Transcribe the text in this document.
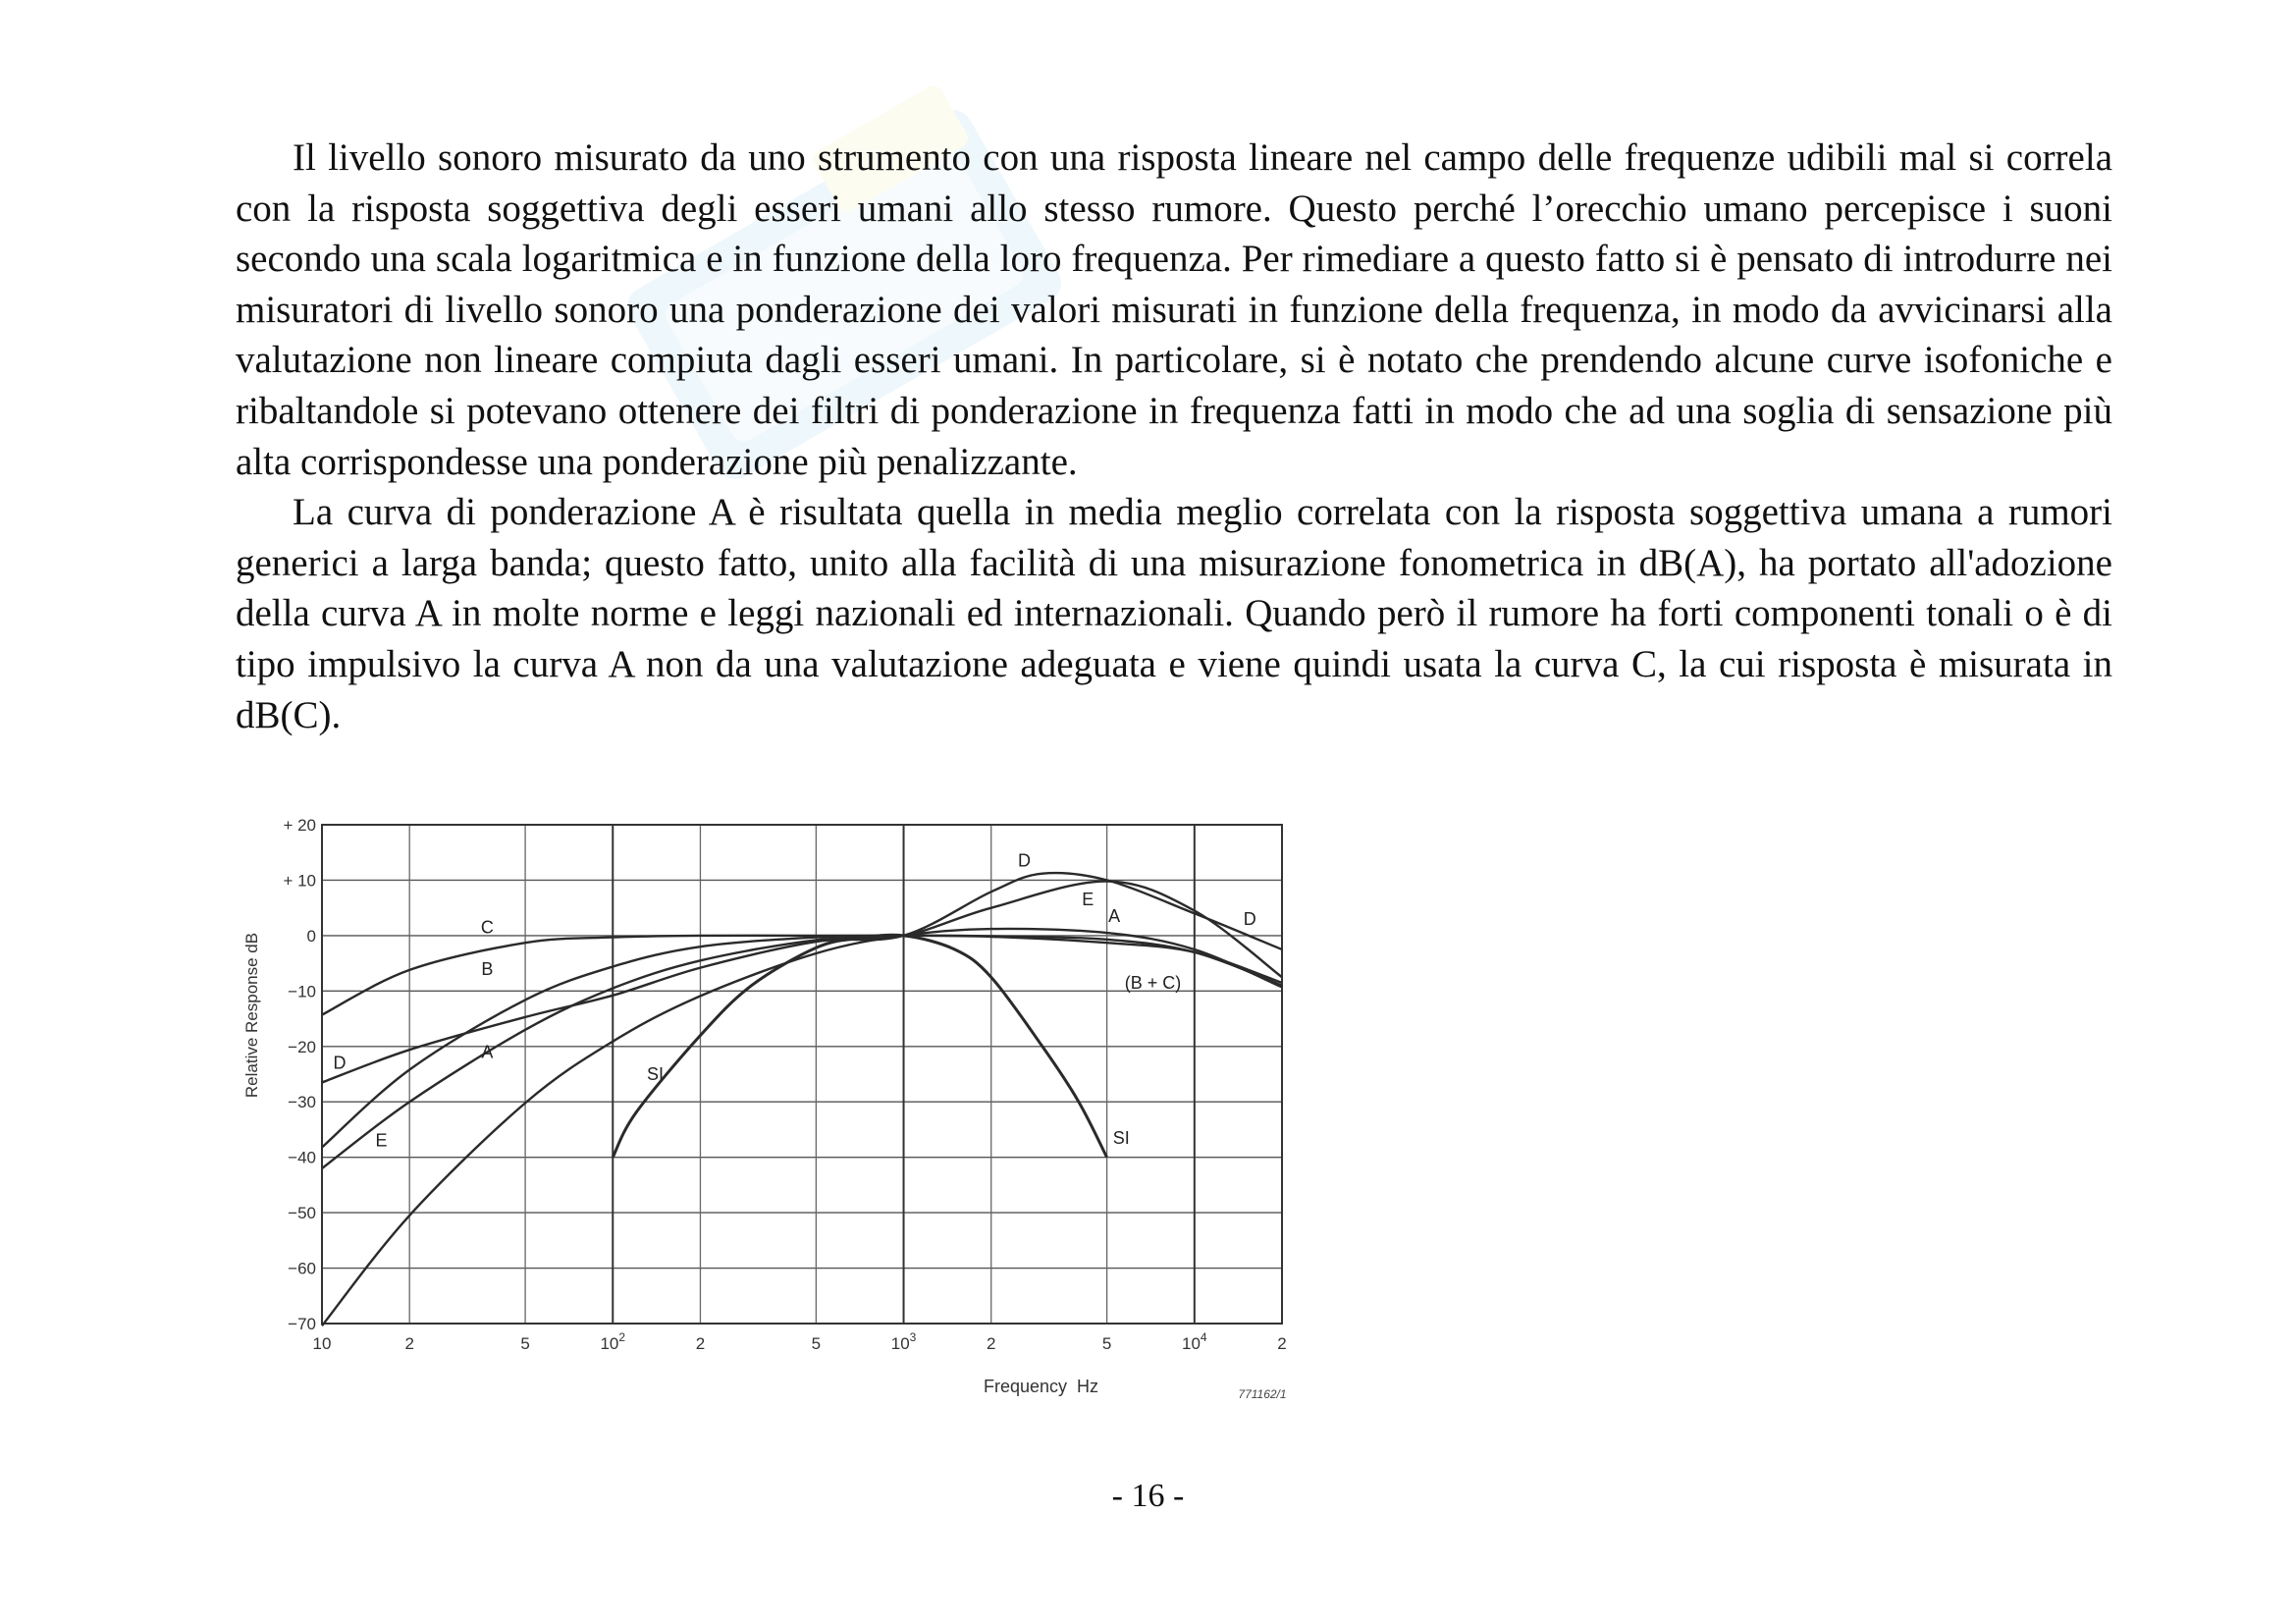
Il livello sonoro misurato da uno strumento con una risposta lineare nel campo delle frequenze udibili mal si correla con la risposta soggettiva degli esseri umani allo stesso rumore. Questo perché l’orecchio umano percepisce i suoni secondo una scala logaritmica e in funzione della loro frequenza. Per rimediare a questo fatto si è pensato di introdurre nei misuratori di livello sonoro una ponderazione dei valori misurati in funzione della frequenza, in modo da avvicinarsi alla valutazione non lineare compiuta dagli esseri umani. In particolare, si è notato che prendendo alcune curve isofoniche e ribaltandole si potevano ottenere dei filtri di ponderazione in frequenza fatti in modo che ad una soglia di sensazione più alta corrispondesse una ponderazione più penalizzante.

La curva di ponderazione A è risultata quella in media meglio correlata con la risposta soggettiva umana a rumori generici a larga banda; questo fatto, unito alla facilità di una misurazione fonometrica in dB(A), ha portato all'adozione della curva A in molte norme e leggi nazionali ed internazionali. Quando però il rumore ha forti componenti tonali o è di tipo impulsivo la curva A non da una valutazione adeguata e viene quindi usata la curva C, la cui risposta è misurata in dB(C).

+ 20
+ 10
0
−10
−20
−30
−40
−50
−60
−70
10	2	5	$10^2$	2	5	$10^3$	2	5	$10^4$	2
C
B
D
A
E
SI
D
E
A	D
(B + C)
SI
Relative Response dB
Frequency  Hz	771162/1
- 16 -
